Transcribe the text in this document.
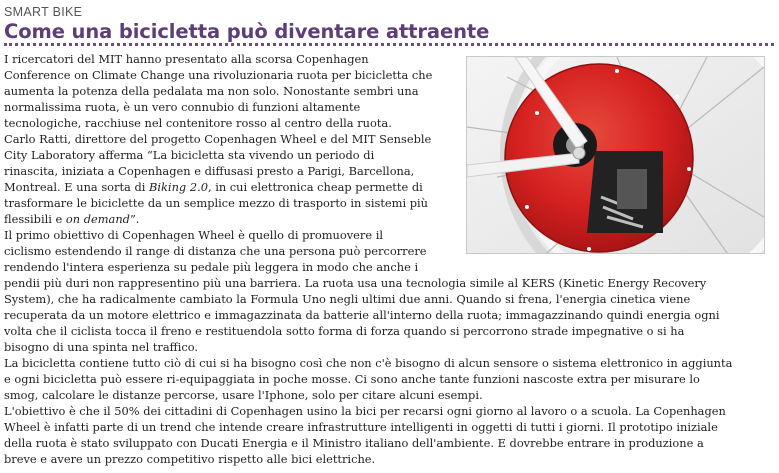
SMART BIKE
Come una bicicletta può diventare attraente
I ricercatori del MIT hanno presentato alla scorsa Copenhagen
Conference on Climate Change una rivoluzionaria ruota per bicicletta che
aumenta la potenza della pedalata ma non solo. Nonostante sembri una
normalissima ruota, è un vero connubio di funzioni altamente
tecnologiche, racchiuse nel contenitore rosso al centro della ruota.
Carlo Ratti, direttore del progetto Copenhagen Wheel e del MIT Senseble
City Laboratory afferma “La bicicletta sta vivendo un periodo di
rinascita, iniziata a Copenhagen e diffusasi presto a Parigi, Barcellona,
Montreal. E una sorta di Biking 2.0, in cui elettronica cheap permette di
trasformare le biciclette da un semplice mezzo di trasporto in sistemi più
flessibili e on demand”.
Il primo obiettivo di Copenhagen Wheel è quello di promuovere il
ciclismo estendendo il range di distanza che una persona può percorrere
rendendo l'intera esperienza su pedale più leggera in modo che anche i
pendii più duri non rappresentino più una barriera. La ruota usa una tecnologia simile al KERS (Kinetic Energy Recovery
System), che ha radicalmente cambiato la Formula Uno negli ultimi due anni. Quando si frena, l'energia cinetica viene
recuperata da un motore elettrico e immagazzinata da batterie all'interno della ruota; immagazzinando quindi energia ogni
volta che il ciclista tocca il freno e restituendola sotto forma di forza quando si percorrono strade impegnative o si ha
bisogno di una spinta nel traffico.
La bicicletta contiene tutto ciò di cui si ha bisogno così che non c'è bisogno di alcun sensore o sistema elettronico in aggiunta
e ogni bicicletta può essere ri-equipaggiata in poche mosse. Ci sono anche tante funzioni nascoste extra per misurare lo
smog, calcolare le distanze percorse, usare l'Iphone, solo per citare alcuni esempi.
L'obiettivo è che il 50% dei cittadini di Copenhagen usino la bici per recarsi ogni giorno al lavoro o a scuola. La Copenhagen
Wheel è infatti parte di un trend che intende creare infrastrutture intelligenti in oggetti di tutti i giorni. Il prototipo iniziale
della ruota è stato sviluppato con Ducati Energia e il Ministro italiano dell'ambiente. E dovrebbe entrare in produzione a
breve e avere un prezzo competitivo rispetto alle bici elettriche.
